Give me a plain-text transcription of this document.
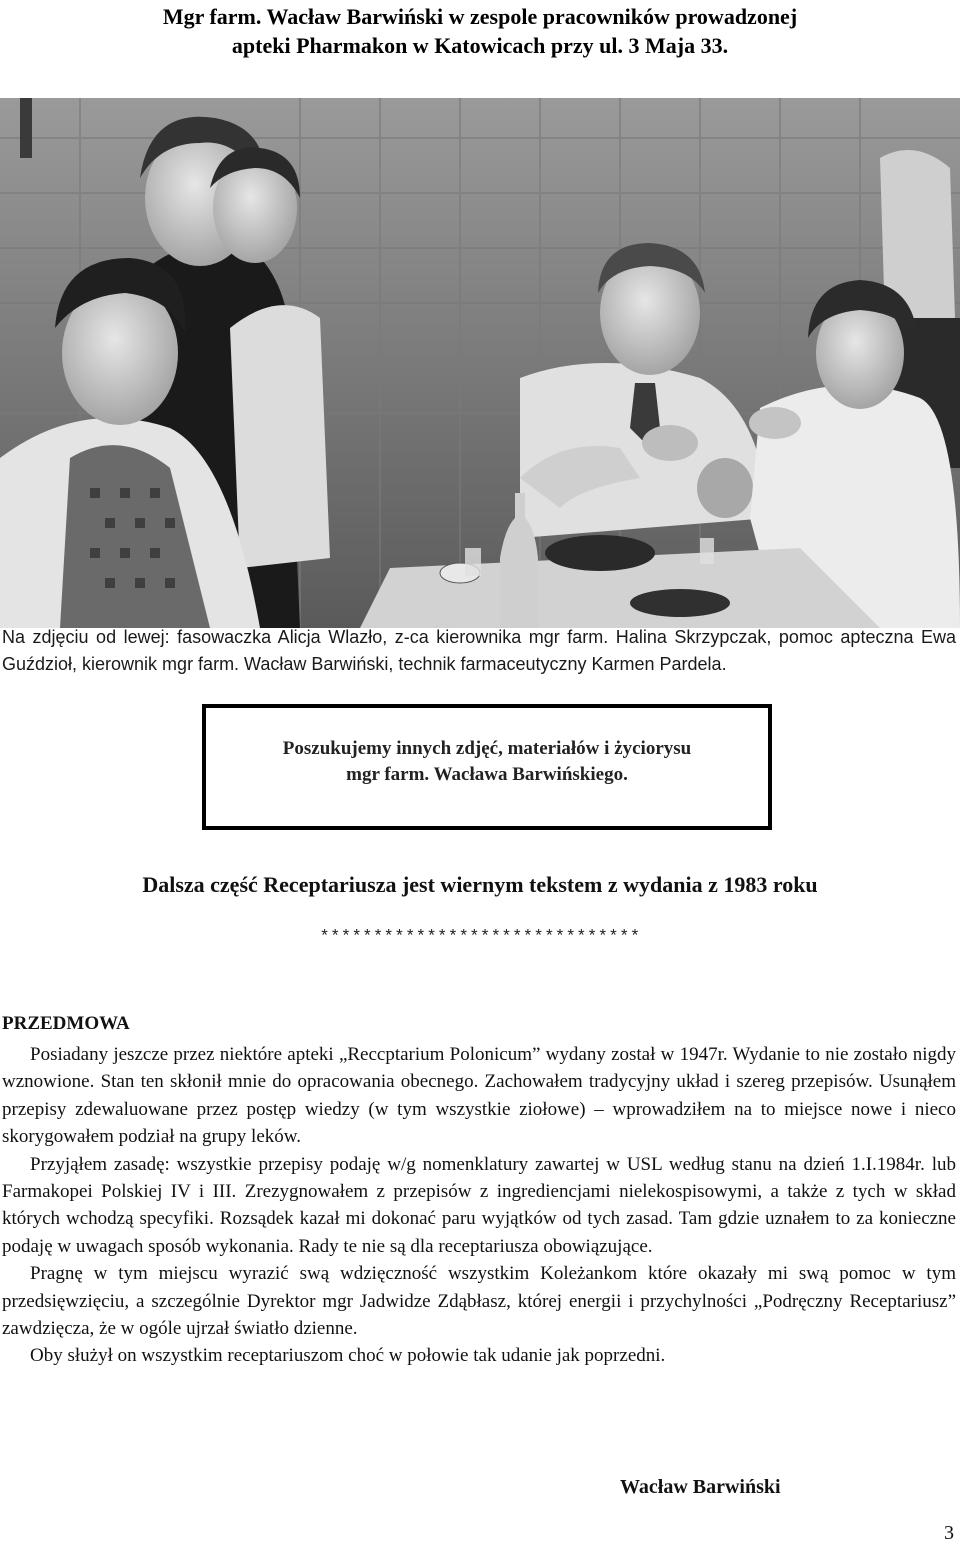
Mgr farm. Wacław Barwiński w zespole pracowników prowadzonej
apteki Pharmakon w Katowicach przy ul. 3 Maja 33.
Na zdjęciu od lewej: fasowaczka Alicja Wlazło, z-ca kierownika mgr farm. Halina Skrzypczak, pomoc apteczna Ewa Guździoł, kierownik mgr farm. Wacław Barwiński, technik farmaceutyczny Karmen Pardela.
Poszukujemy innych zdjęć, materiałów i życiorysu
mgr farm. Wacława Barwińskiego.
Dalsza część Receptariusza jest wiernym tekstem z wydania z 1983 roku
******************************
PRZEDMOWA

Posiadany jeszcze przez niektóre apteki „Reccptarium Polonicum” wydany został w 1947r. Wydanie to nie zostało nigdy wznowione. Stan ten skłonił mnie do opracowania obecnego. Zachowałem tradycyjny układ i szereg przepisów. Usunąłem przepisy zdewaluowane przez postęp wiedzy (w tym wszystkie ziołowe) – wprowadziłem na to miejsce nowe i nieco skorygowałem podział na grupy leków.

Przyjąłem zasadę: wszystkie przepisy podaję w/g nomenklatury zawartej w USL według stanu na dzień 1.I.1984r. lub Farmakopei Polskiej IV i III. Zrezygnowałem z przepisów z ingrediencjami nielekospisowymi, a także z tych w skład których wchodzą specyfiki. Rozsądek kazał mi dokonać paru wyjątków od tych zasad. Tam gdzie uznałem to za konieczne podaję w uwagach sposób wykonania. Rady te nie są dla receptariusza obowiązujące.

Pragnę w tym miejscu wyrazić swą wdzięczność wszystkim Koleżankom które okazały mi swą pomoc w tym przedsięwzięciu, a szczególnie Dyrektor mgr Jadwidze Zdąbłasz, której energii i przychylności „Podręczny Receptariusz” zawdzięcza, że w ogóle ujrzał światło dzienne.

Oby służył on wszystkim receptariuszom choć w połowie tak udanie jak poprzedni.

Wacław Barwiński
3
